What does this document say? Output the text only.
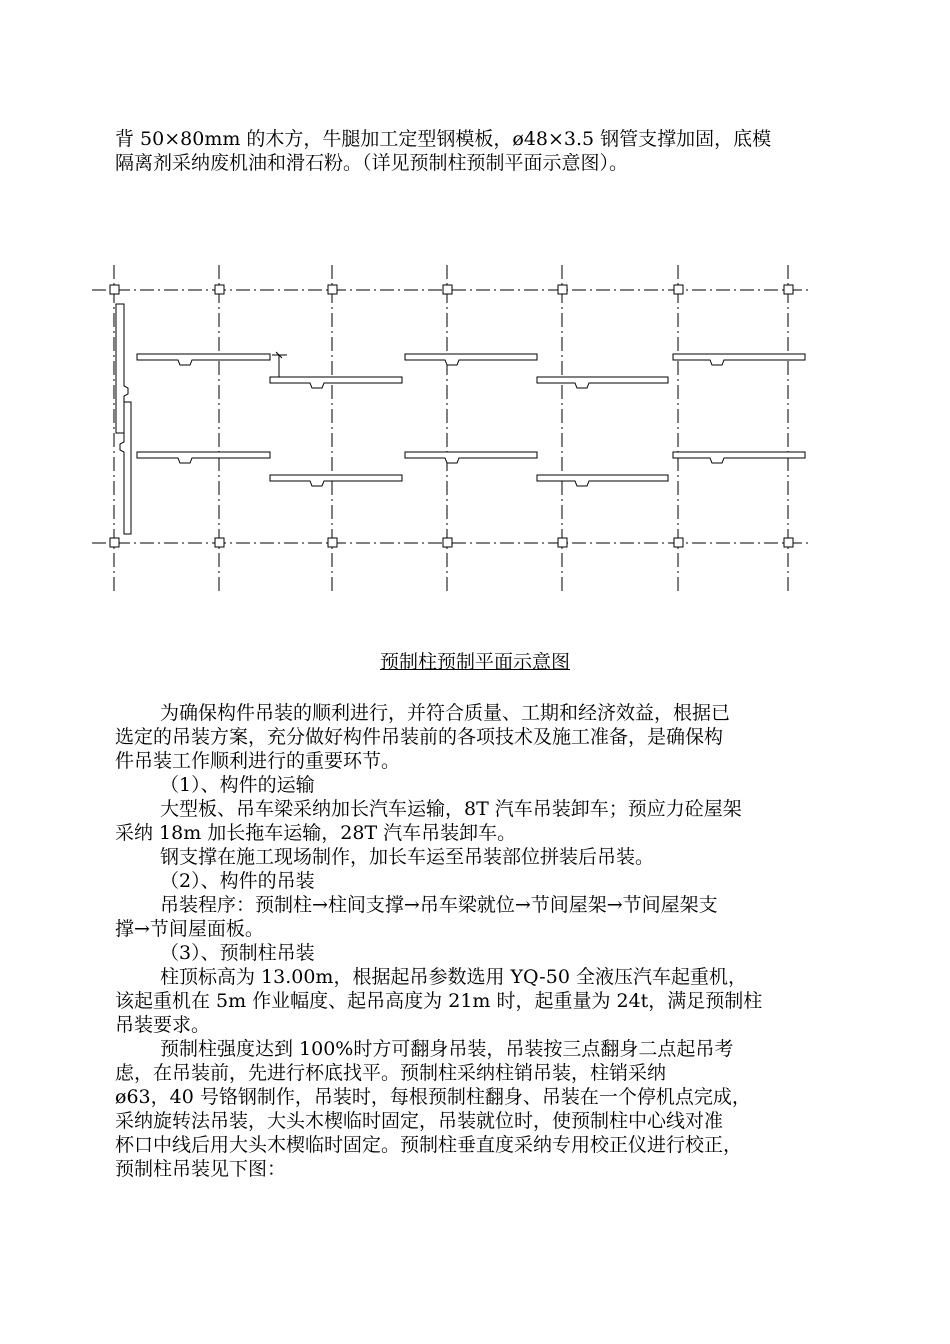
背 50×80mm 的木方，牛腿加工定型钢模板，ø48×3.5 钢管支撑加固，底模
隔离剂采纳废机油和滑石粉。（详见预制柱预制平面示意图）。
预制柱预制平面示意图
为确保构件吊装的顺利进行，并符合质量、工期和经济效益，根据已
选定的吊装方案，充分做好构件吊装前的各项技术及施工准备，是确保构
件吊装工作顺利进行的重要环节。
（1）、构件的运输
大型板、吊车梁采纳加长汽车运输，8T 汽车吊装卸车；预应力砼屋架
采纳 18m 加长拖车运输，28T 汽车吊装卸车。
钢支撑在施工现场制作，加长车运至吊装部位拼装后吊装。
（2）、构件的吊装
吊装程序：预制柱→柱间支撑→吊车梁就位→节间屋架→节间屋架支
撑→节间屋面板。
（3）、预制柱吊装
柱顶标高为 13.00m，根据起吊参数选用 YQ-50 全液压汽车起重机，
该起重机在 5m 作业幅度、起吊高度为 21m 时，起重量为 24t，满足预制柱
吊装要求。
预制柱强度达到 100%时方可翻身吊装，吊装按三点翻身二点起吊考
虑，在吊装前，先进行杯底找平。预制柱采纳柱销吊装，柱销采纳
ø63，40 号铬钢制作，吊装时，每根预制柱翻身、吊装在一个停机点完成，
采纳旋转法吊装，大头木楔临时固定，吊装就位时，使预制柱中心线对准
杯口中线后用大头木楔临时固定。预制柱垂直度采纳专用校正仪进行校正，
预制柱吊装见下图：
